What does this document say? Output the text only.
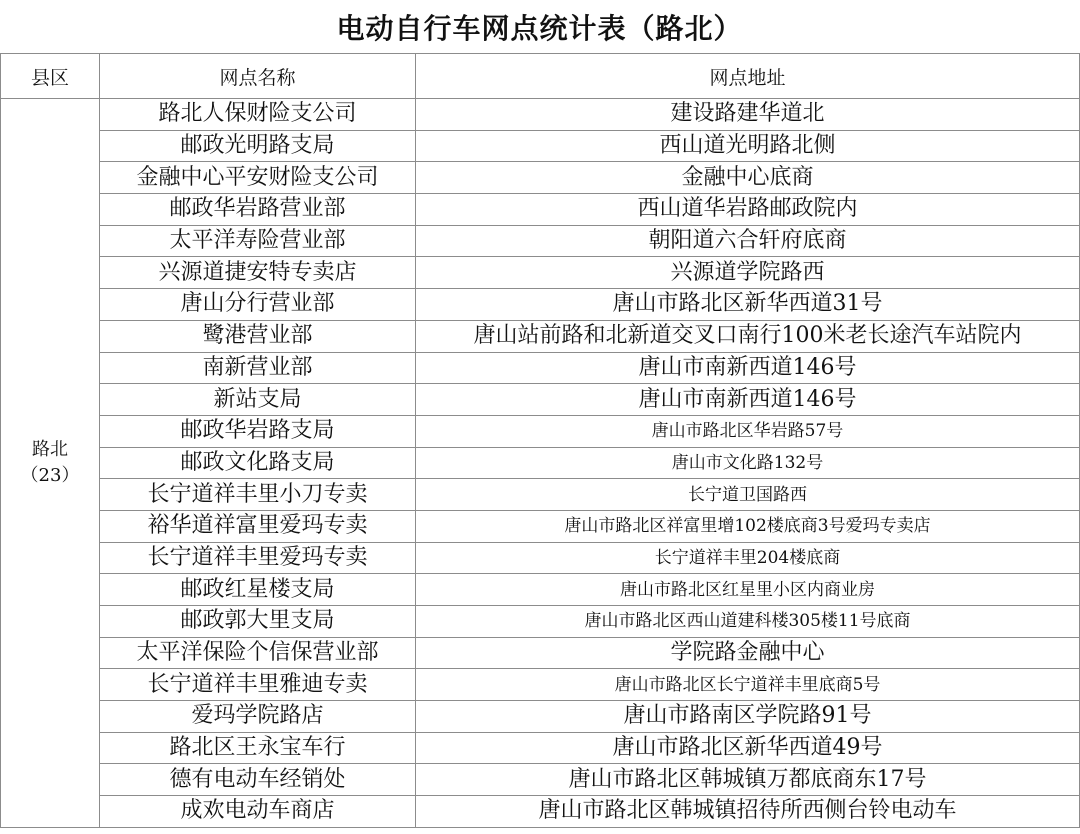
电动自行车网点统计表（路北）
县区	网点名称	网点地址

路北
（23）	路北人保财险支公司	建设路建华道北
	邮政光明路支局	西山道光明路北侧
	金融中心平安财险支公司	金融中心底商
	邮政华岩路营业部	西山道华岩路邮政院内
	太平洋寿险营业部	朝阳道六合轩府底商
	兴源道捷安特专卖店	兴源道学院路西
	唐山分行营业部	唐山市路北区新华西道31号
	鹭港营业部	唐山站前路和北新道交叉口南行100米老长途汽车站院内
	南新营业部	唐山市南新西道146号
	新站支局	唐山市南新西道146号
	邮政华岩路支局	唐山市路北区华岩路57号
	邮政文化路支局	唐山市文化路132号
	长宁道祥丰里小刀专卖	长宁道卫国路西
	裕华道祥富里爱玛专卖	唐山市路北区祥富里增102楼底商3号爱玛专卖店
	长宁道祥丰里爱玛专卖	长宁道祥丰里204楼底商
	邮政红星楼支局	唐山市路北区红星里小区内商业房
	邮政郭大里支局	唐山市路北区西山道建科楼305楼11号底商
	太平洋保险个信保营业部	学院路金融中心
	长宁道祥丰里雅迪专卖	唐山市路北区长宁道祥丰里底商5号
	爱玛学院路店	唐山市路南区学院路91号
	路北区王永宝车行	唐山市路北区新华西道49号
	德有电动车经销处	唐山市路北区韩城镇万都底商东17号
	成欢电动车商店	唐山市路北区韩城镇招待所西侧台铃电动车
